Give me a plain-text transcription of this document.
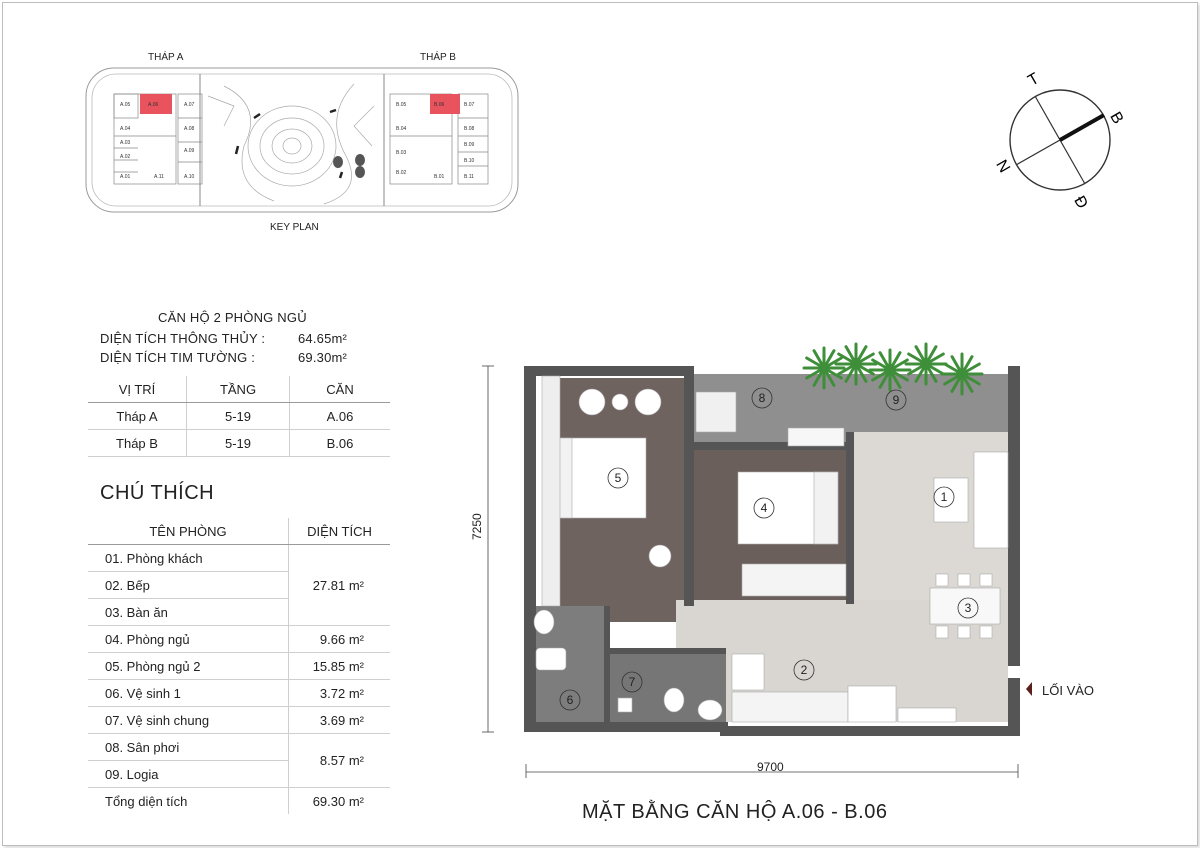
THÁP A	THÁP B
A.05	A.06	A.07
A.04	A.08
A.03
A.09
A.02
A.01	A.11	A.10
B.05	B.06	B.07
B.04	B.08
B.09
B.03
B.10
B.02
B.01	B.11
KEY PLAN
T
B
N
Đ
CĂN HỘ 2 PHÒNG NGỦ
DIỆN TÍCH THÔNG THỦY :	64.65m²
DIỆN TÍCH TIM TƯỜNG :	69.30m²
VỊ TRÍ	TẦNG	CĂN
Tháp A	5-19	A.06
Tháp B	5-19	B.06
CHÚ THÍCH
TÊN PHÒNG	DIỆN TÍCH
01. Phòng khách	27.81 m²
02. Bếp	
03. Bàn ăn	
04. Phòng ngủ	9.66 m²
05. Phòng ngủ 2	15.85 m²
06. Vệ sinh 1	3.72 m²
07. Vệ sinh chung	3.69 m²
08. Sân phơi	8.57 m²
09. Logia	
Tổng diện tích	69.30 m²
1
2
3
4
5
6
7
8	9
7250
9700
LỐI VÀO
MẶT BẰNG CĂN HỘ A.06 - B.06
